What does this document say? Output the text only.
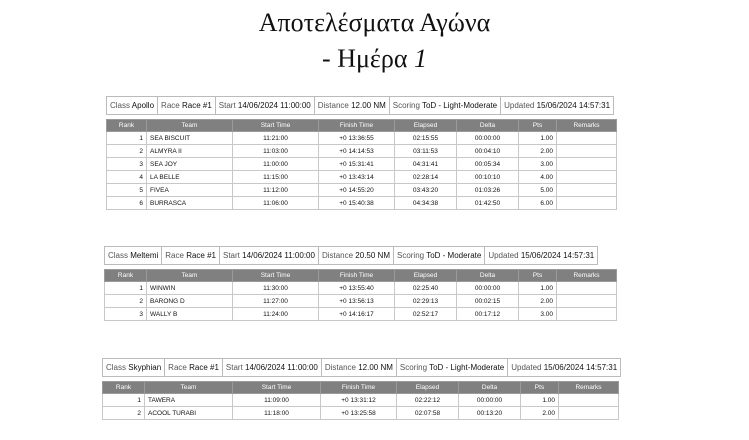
Αποτελέσματα Αγώνα
- Ημέρα 1
Class Apollo	Race Race #1	Start 14/06/2024 11:00:00	Distance 12.00 NM	Scoring ToD - Light-Moderate	Updated 15/06/2024 14:57:31
Rank	Team	Start Time	Finish Time	Elapsed	Delta	Pts	Remarks
1	SEA BISCUIT	11:21:00	+0 13:36:55	02:15:55	00:00:00	1.00	
2	ALMYRA II	11:03:00	+0 14:14:53	03:11:53	00:04:10	2.00	
3	SEA JOY	11:00:00	+0 15:31:41	04:31:41	00:05:34	3.00	
4	LA BELLE	11:15:00	+0 13:43:14	02:28:14	00:10:10	4.00	
5	FIVEA	11:12:00	+0 14:55:20	03:43:20	01:03:26	5.00	
6	BURRASCA	11:06:00	+0 15:40:38	04:34:38	01:42:50	6.00	
Class Meltemi	Race Race #1	Start 14/06/2024 11:00:00	Distance 20.50 NM	Scoring ToD - Moderate	Updated 15/06/2024 14:57:31
Rank	Team	Start Time	Finish Time	Elapsed	Delta	Pts	Remarks
1	WINWIN	11:30:00	+0 13:55:40	02:25:40	00:00:00	1.00	
2	BARONG D	11:27:00	+0 13:56:13	02:29:13	00:02:15	2.00	
3	WALLY B	11:24:00	+0 14:16:17	02:52:17	00:17:12	3.00	
Class Skyphian	Race Race #1	Start 14/06/2024 11:00:00	Distance 12.00 NM	Scoring ToD - Light-Moderate	Updated 15/06/2024 14:57:31
Rank	Team	Start Time	Finish Time	Elapsed	Delta	Pts	Remarks
1	TAWERA	11:09:00	+0 13:31:12	02:22:12	00:00:00	1.00	
2	ACOOL TURABI	11:18:00	+0 13:25:58	02:07:58	00:13:20	2.00	
